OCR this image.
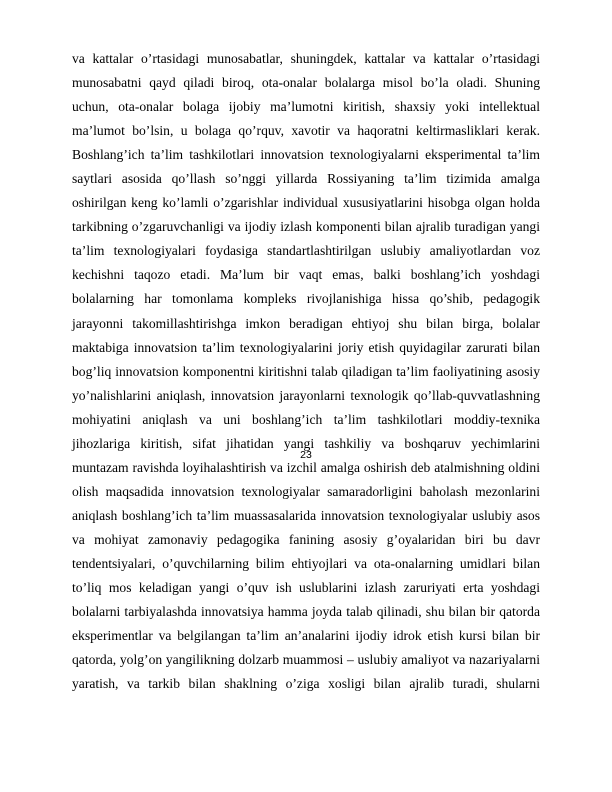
va kattalar o’rtasidagi munosabatlar, shuningdek, kattalar va kattalar o’rtasidagi
munosabatni qayd qiladi biroq, ota-onalar bolalarga misol bo’la oladi. Shuning
uchun, ota-onalar bolaga ijobiy ma’lumotni kiritish, shaxsiy yoki intellektual
ma’lumot bo’lsin, u bolaga qo’rquv, xavotir va haqoratni keltirmasliklari kerak.
Boshlang’ich ta’lim tashkilotlari innovatsion texnologiyalarni eksperimental ta’lim
saytlari asosida qo’llash so’nggi yillarda Rossiyaning ta’lim tizimida amalga
oshirilgan keng ko’lamli o’zgarishlar individual xususiyatlarini hisobga olgan holda
tarkibning o’zgaruvchanligi va ijodiy izlash komponenti bilan ajralib turadigan yangi
ta’lim texnologiyalari foydasiga standartlashtirilgan uslubiy amaliyotlardan voz
kechishni taqozo etadi. Ma’lum bir vaqt emas, balki boshlang’ich yoshdagi
bolalarning har tomonlama kompleks rivojlanishiga hissa qo’shib, pedagogik
jarayonni takomillashtirishga imkon beradigan ehtiyoj shu bilan birga, bolalar
maktabiga innovatsion ta’lim texnologiyalarini joriy etish quyidagilar zarurati bilan
bog’liq innovatsion komponentni kiritishni talab qiladigan ta’lim faoliyatining asosiy
yo’nalishlarini aniqlash, innovatsion jarayonlarni texnologik qo’llab-quvvatlashning
mohiyatini aniqlash va uni boshlang’ich ta’lim tashkilotlari moddiy-texnika
jihozlariga kiritish, sifat jihatidan yangi tashkiliy va boshqaruv yechimlarini
muntazam ravishda loyihalashtirish va izchil amalga oshirish deb atalmishning oldini
olish maqsadida innovatsion texnologiyalar samaradorligini baholash mezonlarini
aniqlash boshlang’ich ta’lim muassasalarida innovatsion texnologiyalar uslubiy asos
va mohiyat zamonaviy pedagogika fanining asosiy g’oyalaridan biri bu davr
tendentsiyalari, o’quvchilarning bilim ehtiyojlari va ota-onalarning umidlari bilan
to’liq mos keladigan yangi o’quv ish uslublarini izlash zaruriyati erta yoshdagi
bolalarni tarbiyalashda innovatsiya hamma joyda talab qilinadi, shu bilan bir qatorda
eksperimentlar va belgilangan ta’lim an’analarini ijodiy idrok etish kursi bilan bir
qatorda, yolg’on yangilikning dolzarb muammosi – uslubiy amaliyot va nazariyalarni
yaratish, va tarkib bilan shaklning o’ziga xosligi bilan ajralib turadi, shularni
23
